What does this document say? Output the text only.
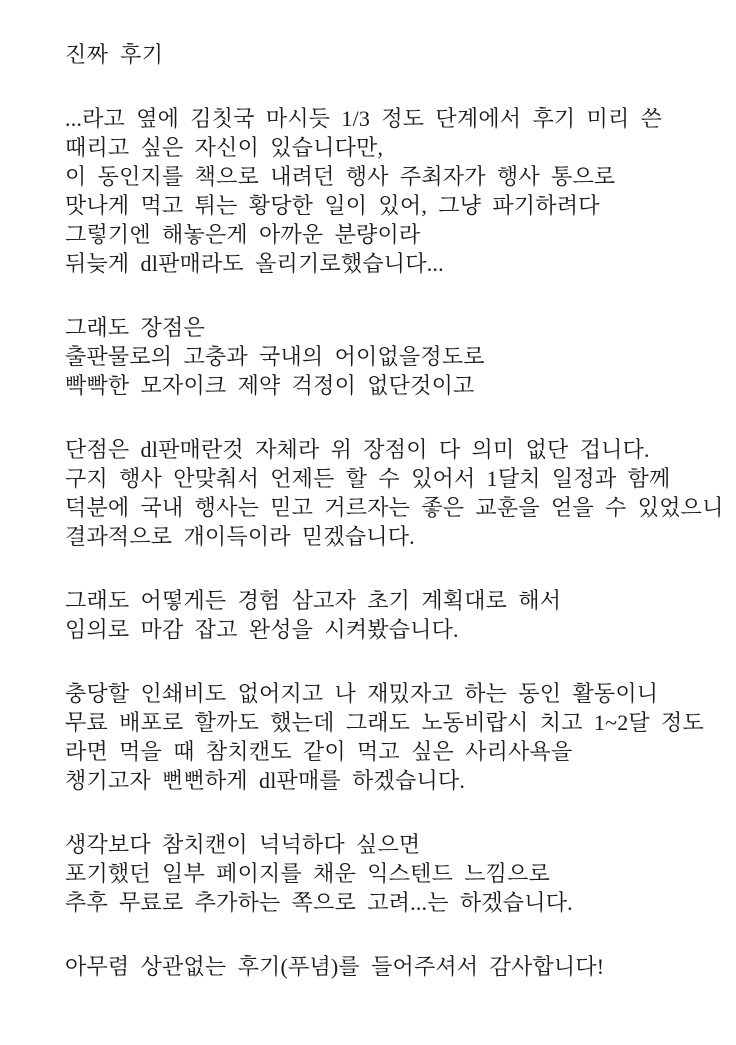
진짜 후기

...라고 옆에 김칫국 마시듯 1/3 정도 단계에서 후기 미리 쓴
때리고 싶은 자신이 있습니다만,
이 동인지를 책으로 내려던 행사 주최자가 행사 통으로
맛나게 먹고 튀는 황당한 일이 있어, 그냥 파기하려다
그렇기엔 해놓은게 아까운 분량이라
뒤늦게 dl판매라도 올리기로했습니다...

그래도 장점은
출판물로의 고충과 국내의 어이없을정도로
빡빡한 모자이크 제약 걱정이 없단것이고

단점은 dl판매란것 자체라 위 장점이 다 의미 없단 겁니다.
구지 행사 안맞춰서 언제든 할 수 있어서 1달치 일정과 함께
덕분에 국내 행사는 믿고 거르자는 좋은 교훈을 얻을 수 있었으니
결과적으로 개이득이라 믿겠습니다.

그래도 어떻게든 경험 삼고자 초기 계획대로 해서
임의로 마감 잡고 완성을 시켜봤습니다.

충당할 인쇄비도 없어지고 나 재밌자고 하는 동인 활동이니
무료 배포로 할까도 했는데 그래도 노동비랍시 치고 1~2달 정도
라면 먹을 때 참치캔도 같이 먹고 싶은 사리사욕을
챙기고자 뻔뻔하게 dl판매를 하겠습니다.

생각보다 참치캔이 넉넉하다 싶으면
포기했던 일부 페이지를 채운 익스텐드 느낌으로
추후 무료로 추가하는 쪽으로 고려...는 하겠습니다.

아무렴 상관없는 후기(푸념)를 들어주셔서 감사합니다!
